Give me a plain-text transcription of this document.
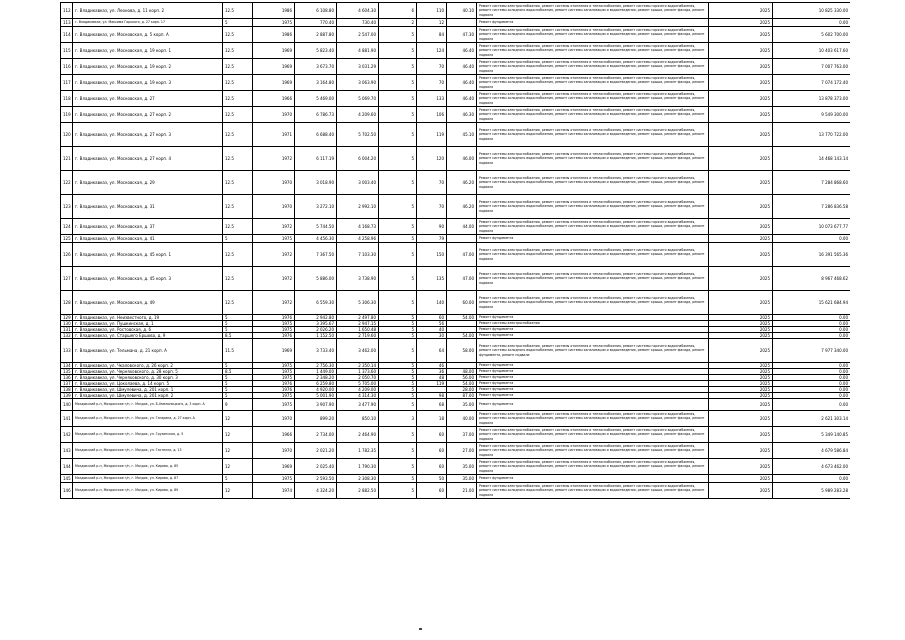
112	г. Владикавказ, ул. Леонова, д. 11 корп. 2	12.5	1986	6 108.80	4 604.30	6	110	40.10	Ремонт системы электроснабжения, ремонт системы отопления и теплоснабжения, ремонт системы горячего водоснабжения, ремонт системы холодного водоснабжения, ремонт системы канализации и водоотведения, ремонт крыши, ремонт фасада, ремонт подвала	2025	10 825 330.00
113	г. Владикавказ, ул. Максима Горького, д. 27 корп. 17	5	1975	770.40	730.40	2	12		Ремонт фундамента	2025	0.00
114	г. Владикавказ, ул. Московская, д. 5 корп. А	12.5	1986	2 887.80	2 547.00	5	84	47.30	Ремонт системы электроснабжения, ремонт системы отопления и теплоснабжения, ремонт системы горячего водоснабжения, ремонт системы холодного водоснабжения, ремонт системы канализации и водоотведения, ремонт крыши, ремонт фасада, ремонт подвала	2025	5 602 700.00
115	г. Владикавказ, ул. Московская, д. 19 корп. 1	12.5	1969	5 823.40	4 881.90	5	124	46.40	Ремонт системы электроснабжения, ремонт системы отопления и теплоснабжения, ремонт системы горячего водоснабжения, ремонт системы холодного водоснабжения, ремонт системы канализации и водоотведения, ремонт крыши, ремонт фасада, ремонт подвала	2025	10 403 617.60
116	г. Владикавказ, ул. Московская, д. 19 корп. 2	12.5	1969	3 673.70	3 031.29	5	70	46.40	Ремонт системы электроснабжения, ремонт системы отопления и теплоснабжения, ремонт системы горячего водоснабжения, ремонт системы холодного водоснабжения, ремонт системы канализации и водоотведения, ремонт крыши, ремонт фасада, ремонт подвала	2025	7 007 763.00
117	г. Владикавказ, ул. Московская, д. 19 корп. 3	12.5	1969	3 164.80	3 063.90	5	70	46.40	Ремонт системы электроснабжения, ремонт системы отопления и теплоснабжения, ремонт системы горячего водоснабжения, ремонт системы холодного водоснабжения, ремонт системы канализации и водоотведения, ремонт крыши, ремонт фасада, ремонт подвала	2025	7 074 172.40
118	г. Владикавказ, ул. Московская, д. 27	12.5	1966	5 469.00	5 069.70	5	133	46.40	Ремонт системы электроснабжения, ремонт системы отопления и теплоснабжения, ремонт системы горячего водоснабжения, ремонт системы холодного водоснабжения, ремонт системы канализации и водоотведения, ремонт крыши, ремонт фасада, ремонт подвала	2025	13 878 373.00
119	г. Владикавказ, ул. Московская, д. 27 корп. 2	12.5	1970	6 786.73	4 209.60	5	106	46.30	Ремонт системы электроснабжения, ремонт системы отопления и теплоснабжения, ремонт системы горячего водоснабжения, ремонт системы холодного водоснабжения, ремонт системы канализации и водоотведения, ремонт крыши, ремонт фасада, ремонт подвала	2025	9 549 300.00
120	г. Владикавказ, ул. Московская, д. 27 корп. 3	12.5	1971	6 688.40	5 702.50	5	119	45.10	Ремонт системы электроснабжения, ремонт системы отопления и теплоснабжения, ремонт системы горячего водоснабжения, ремонт системы холодного водоснабжения, ремонт системы канализации и водоотведения, ремонт крыши, ремонт фасада, ремонт подвала	2025	13 770 722.00
121	г. Владикавказ, ул. Московская, д. 27 корп. 4	12.5	1972	6 117.19	6 004.20	5	120	46.00	Ремонт системы электроснабжения, ремонт системы отопления и теплоснабжения, ремонт системы горячего водоснабжения, ремонт системы холодного водоснабжения, ремонт системы канализации и водоотведения, ремонт крыши, ремонт фасада, ремонт подвала	2025	14 468 143.14
122	г. Владикавказ, ул. Московская, д. 29	12.5	1970	3 018.90	3 003.40	5	70	46.20	Ремонт системы электроснабжения, ремонт системы отопления и теплоснабжения, ремонт системы горячего водоснабжения, ремонт системы холодного водоснабжения, ремонт системы канализации и водоотведения, ремонт крыши, ремонт фасада, ремонт подвала	2025	7 284 868.60
123	г. Владикавказ, ул. Московская, д. 31	12.5	1970	3 272.10	2 992.10	5	70	46.20	Ремонт системы электроснабжения, ремонт системы отопления и теплоснабжения, ремонт системы горячего водоснабжения, ремонт системы холодного водоснабжения, ремонт системы канализации и водоотведения, ремонт крыши, ремонт фасада, ремонт подвала	2025	7 286 836.58
124	г. Владикавказ, ул. Московская, д. 37	12.5	1972	5 744.50	4 168.73	5	90	44.00	Ремонт системы электроснабжения, ремонт системы отопления и теплоснабжения, ремонт системы горячего водоснабжения, ремонт системы холодного водоснабжения, ремонт системы канализации и водоотведения, ремонт крыши, ремонт фасада, ремонт подвала	2025	10 073 677.77
125	г. Владикавказ, ул. Московская, д. 41	5	1975	4 456.30	4 258.96	5	79		Ремонт фундамента	2025	0.00
126	г. Владикавказ, ул. Московская, д. 45 корп. 1	12.5	1972	7 367.50	7 103.30	5	150	47.00	Ремонт системы электроснабжения, ремонт системы отопления и теплоснабжения, ремонт системы горячего водоснабжения, ремонт системы холодного водоснабжения, ремонт системы канализации и водоотведения, ремонт крыши, ремонт фасада, ремонт подвала	2025	16 391 565.36
127	г. Владикавказ, ул. Московская, д. 45 корп. 3	12.5	1972	5 886.00	3 738.90	5	135	47.00	Ремонт системы электроснабжения, ремонт системы отопления и теплоснабжения, ремонт системы горячего водоснабжения, ремонт системы холодного водоснабжения, ремонт системы канализации и водоотведения, ремонт крыши, ремонт фасада, ремонт подвала	2025	8 967 468.62
128	г. Владикавказ, ул. Московская, д. 49	12.5	1972	6 559.30	5 306.30	5	140	60.00	Ремонт системы электроснабжения, ремонт системы отопления и теплоснабжения, ремонт системы горячего водоснабжения, ремонт системы холодного водоснабжения, ремонт системы канализации и водоотведения, ремонт крыши, ремонт фасада, ремонт подвала	2025	15 621 684.94
129	г. Владикавказ, ул. Неизвестного, д. 19	5	1976	2 942.80	2 497.80	5	60	54.00	Ремонт фундамента	2025	0.00
130	г. Владикавказ, ул. Пушкинская, д. 1	5	1975	3 395.67	2 947.15	5	56		Ремонт системы электроснабжения	2025	0.00
131	г. Владикавказ, ул. Ростовская, д. 6	5	1975	2 026.20	1 650.48	5	40		Ремонт фундамента	2025	0.00
132	г. Владикавказ, ул. Старшего Ершова, д. 9	8.5	1976	1 152.50	2 719.60	5	30	54.00	Ремонт фундамента	2025	0.00
133	г. Владикавказ, ул. Тельмана, д. 21 корп. А	11.5	1969	3 733.40	3 462.00	5	64	58.00	Ремонт системы электроснабжения, ремонт системы отопления и теплоснабжения, ремонт системы горячего водоснабжения, ремонт системы холодного водоснабжения, ремонт системы канализации и водоотведения, ремонт крыши, ремонт фасада, ремонт фундамента, ремонт подвала	2025	7 977 340.00
134	г. Владикавказ, ул. Чкаловского, д. 26 корп. 2	5	1975	2 756.30	2 350.14	5	46		Ремонт фундамента	2025	0.00
135	г. Владикавказ, ул. Черняховского, д. 28 корп. 5	8.5	1975	1 449.00	1 373.60	5	36	48.00	Ремонт фундамента	2025	0.00
136	г. Владикавказ, ул. Черняховского, д. 30 корп. 3	5	1975	2 348.20	2 050.70	5	48	56.00	Ремонт фундамента	2025	0.00
137	г. Владикавказ, ул. Цоколаева, д. 14 корп. 5	5	1976	6 259.80	5 705.00	5	119	54.00	Ремонт фундамента	2025	0.00
138	г. Владикавказ, ул. Шмулевича, д. 201 корп. 1	5	1976	4 920.00	4 209.00	5		28.00	Ремонт фундамента	2025	0.00
139	г. Владикавказ, ул. Шмулевича, д. 201 корп. 2	5	1975	5 001.90	4 314.30	5	98	87.00	Ремонт фундамента	2025	0.00
140	Моздокский р-н, Моздокское г/п, г. Моздок, ул. Б.Хмельницкого, д. 3 корп. А	9	1975	3 907.90	3 477.90	5	68	35.00	Ремонт фундамента	2025	0.00
141	Моздокский р-н, Моздокское г/п, г. Моздок, ул. Гагарина, д. 27 корп. А	12	1970	899.20	850.10	3	18	40.00	Ремонт системы электроснабжения, ремонт системы отопления и теплоснабжения, ремонт системы горячего водоснабжения, ремонт системы холодного водоснабжения, ремонт системы канализации и водоотведения, ремонт крыши, ремонт фасада, ремонт подвала	2025	2 621 303.14
142	Моздокский р-н, Моздокское г/п, г. Моздок, ул. Грузинская, д. 5	12	1966	2 734.00	2 464.90	5	60	37.00	Ремонт системы электроснабжения, ремонт системы отопления и теплоснабжения, ремонт системы горячего водоснабжения, ремонт системы холодного водоснабжения, ремонт системы канализации и водоотведения, ремонт крыши, ремонт фасада, ремонт подвала	2025	5 349 140.85
143	Моздокский р-н, Моздокское г/п, г. Моздок, ул. Гастелло, д. 13	12	1970	2 021.20	1 782.35	5	60	27.00	Ремонт системы электроснабжения, ремонт системы отопления и теплоснабжения, ремонт системы горячего водоснабжения, ремонт системы холодного водоснабжения, ремонт системы канализации и водоотведения, ремонт крыши, ремонт фасада, ремонт подвала	2025	4 679 586.84
144	Моздокский р-н, Моздокское г/п, г. Моздок, ул. Кирова, д. 85	12	1969	2 025.40	1 790.30	5	60	35.00	Ремонт системы электроснабжения, ремонт системы отопления и теплоснабжения, ремонт системы горячего водоснабжения, ремонт системы холодного водоснабжения, ремонт системы канализации и водоотведения, ремонт крыши, ремонт фасада, ремонт подвала	2025	4 673 462.00
145	Моздокский р-н, Моздокское г/п, г. Моздок, ул. Кирова, д. 87	5	1975	2 593.50	2 308.30	5	50	35.00	Ремонт фундамента	2025	0.00
146	Моздокский р-н, Моздокское г/п, г. Моздок, ул. Кирова, д. 89	12	1974	4 324.20	2 882.50	5	60	21.00	Ремонт системы электроснабжения, ремонт системы отопления и теплоснабжения, ремонт системы горячего водоснабжения, ремонт системы холодного водоснабжения, ремонт системы канализации и водоотведения, ремонт крыши, ремонт фасада, ремонт подвала	2025	5 989 283.28
